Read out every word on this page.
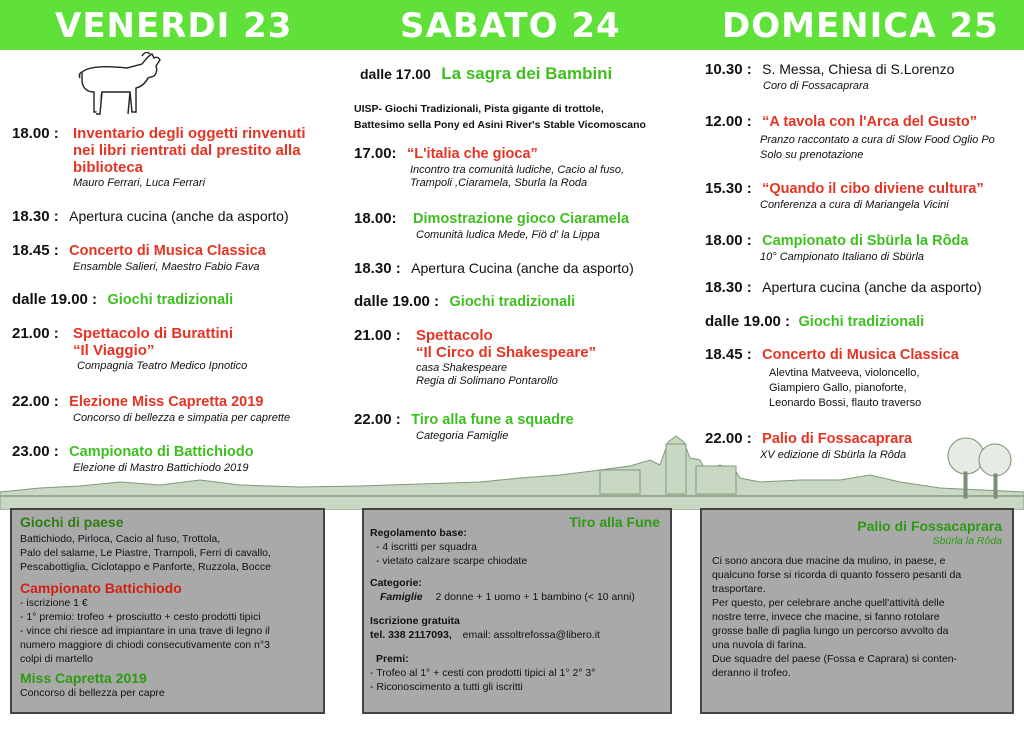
VENERDI 23	SABATO 24	DOMENICA 25
18.00 : Inventario degli oggetti rinvenuti
nei libri rientrati dal prestito alla
biblioteca
Mauro Ferrari, Luca Ferrari
18.30 : Apertura cucina (anche da asporto)
18.45 : Concerto di Musica Classica
Ensamble Salieri, Maestro Fabio Fava
dalle 19.00 : Giochi tradizionali
21.00 : Spettacolo di Burattini
“Il Viaggio”
Compagnia Teatro Medico Ipnotico
22.00 : Elezione Miss Capretta 2019
Concorso di bellezza e simpatia per caprette
23.00 : Campionato di Battichiodo
Elezione di Mastro Battichiodo 2019
dalle 17.00 La sagra dei Bambini
UISP- Giochi Tradizionali, Pista gigante di trottole,
Battesimo sella Pony ed Asini River's Stable Vicomoscano
17.00: “L'italia che gioca”
Incontro tra comunità ludiche, Cacio al fuso,
Trampoli ,Ciaramela, Sburla la Roda
18.00: Dimostrazione gioco Ciaramela
Comunità ludica Mede, Fiö d' la Lippa
18.30 : Apertura Cucina (anche da asporto)
dalle 19.00 : Giochi tradizionali
21.00 : Spettacolo
“Il Circo di Shakespeare”
casa Shakespeare
Regia di Solimano Pontarollo
22.00 : Tiro alla fune a squadre
Categoria Famiglie
10.30 : S. Messa, Chiesa di S.Lorenzo
Coro di Fossacaprara
12.00 : “A tavola con l'Arca del Gusto”
Pranzo raccontato a cura di Slow Food Oglio Po
Solo su prenotazione
15.30 : “Quando il cibo diviene cultura”
Conferenza a cura di Mariangela Vicini
18.00 : Campionato di Sbürla la Rôda
10° Campionato Italiano di Sbürla
18.30 : Apertura cucina (anche da asporto)
dalle 19.00 : Giochi tradizionali
18.45 : Concerto di Musica Classica
Alevtina Matveeva, violoncello,
Giampiero Gallo, pianoforte,
Leonardo Bossi, flauto traverso
22.00 : Palio di Fossacaprara
XV edizione di Sbürla la Rôda
Giochi di paese
Battichiodo, Pirloca, Cacio al fuso, Trottola,
Palo del salame, Le Piastre, Trampoli, Ferri di cavallo,
Pescabottiglia, Ciclotappo e Panforte, Ruzzola, Bocce
Campionato Battichiodo
- iscrizione 1 €
- 1° premio: trofeo + prosciutto + cesto prodotti tipici
- vince chi riesce ad impiantare in una trave di legno il
numero maggiore di chiodi consecutivamente con n°3
colpi di martello
Miss Capretta 2019
Concorso di bellezza per capre
Tiro alla Fune
Regolamento base:
- 4 iscritti per squadra
- vietato calzare scarpe chiodate
Categorie:
Famiglie 2 donne + 1 uomo + 1 bambino (< 10 anni)
Iscrizione gratuita
tel. 338 2117093, email: assoltrefossa@libero.it
Premi:
- Trofeo al 1° + cesti con prodotti tipici al 1° 2° 3°
- Riconoscimento a tutti gli iscritti
Palio di Fossacaprara
Sbürla la Rôda
Ci sono ancora due macine da mulino, in paese, e
qualcuno forse si ricorda di quanto fossero pesanti da
trasportare.
Per questo, per celebrare anche quell'attività delle
nostre terre, invece che macine, si fanno rotolare
grosse balle di paglia lungo un percorso avvolto da
una nuvola di farina.
Due squadre del paese (Fossa e Caprara) si conten-
deranno il trofeo.
